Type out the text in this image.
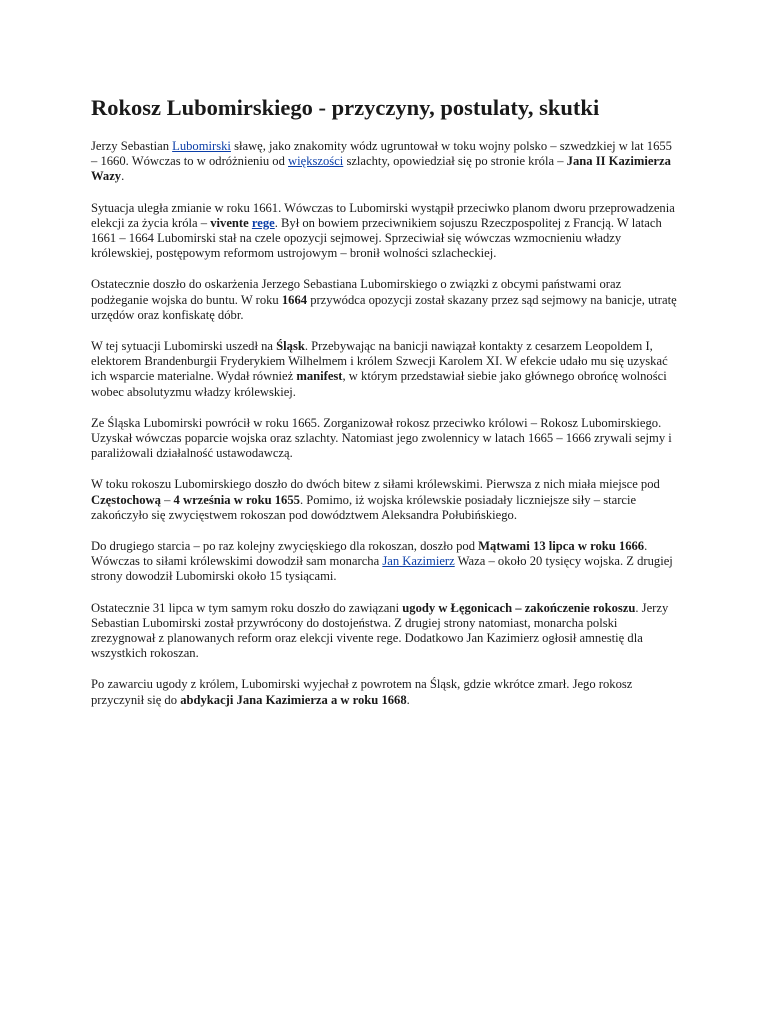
Rokosz Lubomirskiego - przyczyny, postulaty, skutki

Jerzy Sebastian Lubomirski sławę, jako znakomity wódz ugruntował w toku wojny polsko – szwedzkiej w lat 1655 – 1660. Wówczas to w odróżnieniu od większości szlachty, opowiedział się po stronie króla – Jana II Kazimierza Wazy.

Sytuacja uległa zmianie w roku 1661. Wówczas to Lubomirski wystąpił przeciwko planom dworu przeprowadzenia elekcji za życia króla – vivente rege. Był on bowiem przeciwnikiem sojuszu Rzeczpospolitej z Francją. W latach 1661 – 1664 Lubomirski stał na czele opozycji sejmowej. Sprzeciwiał się wówczas wzmocnieniu władzy królewskiej, postępowym reformom ustrojowym – bronił wolności szlacheckiej.

Ostatecznie doszło do oskarżenia Jerzego Sebastiana Lubomirskiego o związki z obcymi państwami oraz podżeganie wojska do buntu. W roku 1664 przywódca opozycji został skazany przez sąd sejmowy na banicje, utratę urzędów oraz konfiskatę dóbr.

W tej sytuacji Lubomirski uszedł na Śląsk. Przebywając na banicji nawiązał kontakty z cesarzem Leopoldem I, elektorem Brandenburgii Fryderykiem Wilhelmem i królem Szwecji Karolem XI. W efekcie udało mu się uzyskać ich wsparcie materialne. Wydał również manifest, w którym przedstawiał siebie jako głównego obrońcę wolności wobec absolutyzmu władzy królewskiej.

Ze Śląska Lubomirski powrócił w roku 1665. Zorganizował rokosz przeciwko królowi – Rokosz Lubomirskiego. Uzyskał wówczas poparcie wojska oraz szlachty. Natomiast jego zwolennicy w latach 1665 – 1666 zrywali sejmy i paraliżowali działalność ustawodawczą.

W toku rokoszu Lubomirskiego doszło do dwóch bitew z siłami królewskimi. Pierwsza z nich miała miejsce pod Częstochową – 4 września w roku 1655. Pomimo, iż wojska królewskie posiadały liczniejsze siły – starcie zakończyło się zwycięstwem rokoszan pod dowództwem Aleksandra Połubińskiego.

Do drugiego starcia – po raz kolejny zwycięskiego dla rokoszan, doszło pod Mątwami 13 lipca w roku 1666. Wówczas to siłami królewskimi dowodził sam monarcha Jan Kazimierz Waza – około 20 tysięcy wojska. Z drugiej strony dowodził Lubomirski około 15 tysiącami.

Ostatecznie 31 lipca w tym samym roku doszło do zawiązani ugody w Łęgonicach – zakończenie rokoszu. Jerzy Sebastian Lubomirski został przywrócony do dostojeństwa. Z drugiej strony natomiast, monarcha polski zrezygnował z planowanych reform oraz elekcji vivente rege. Dodatkowo Jan Kazimierz ogłosił amnestię dla wszystkich rokoszan.

Po zawarciu ugody z królem, Lubomirski wyjechał z powrotem na Śląsk, gdzie wkrótce zmarł. Jego rokosz przyczynił się do abdykacji Jana Kazimierza a w roku 1668.
